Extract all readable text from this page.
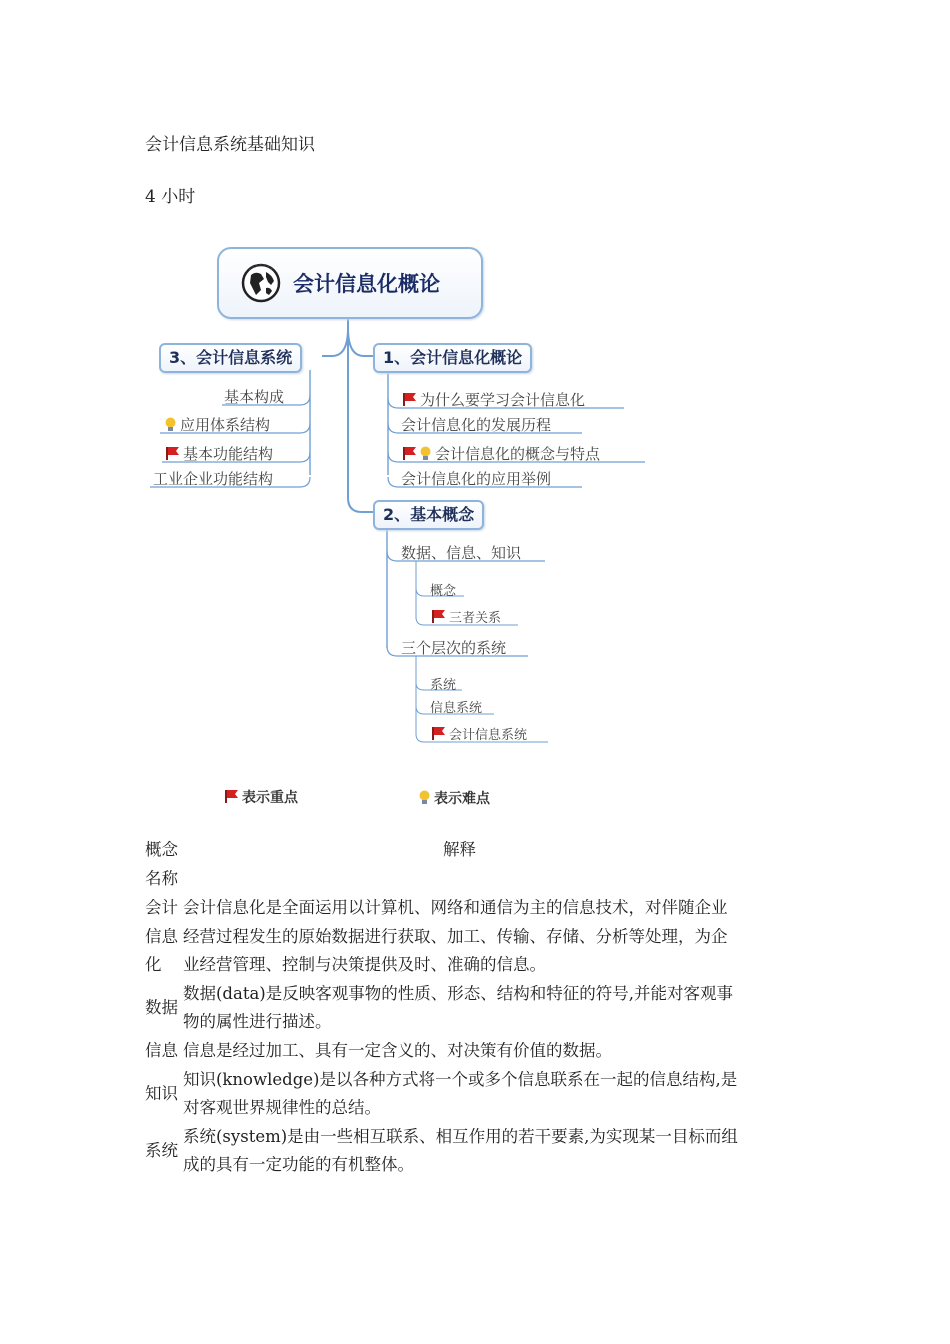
会计信息系统基础知识
4 小时
会计信息化概论
1、会计信息化概论
2、基本概念
3、会计信息系统
为什么要学习会计信息化
会计信息化的发展历程
会计信息化的概念与特点
会计信息化的应用举例
基本构成
应用体系结构
基本功能结构
工业企业功能结构
数据、信息、知识
概念
三者关系
三个层次的系统
系统
信息系统
会计信息系统
表示重点	表示难点
概念名称
解释
会计信息化
会计信息化是全面运用以计算机、网络和通信为主的信息技术，对伴随企业经营过程发生的原始数据进行获取、加工、传输、存储、分析等处理，为企业经营管理、控制与决策提供及时、准确的信息。
数据
数据(data)是反映客观事物的性质、形态、结构和特征的符号,并能对客观事物的属性进行描述。
信息 信息是经过加工、具有一定含义的、对决策有价值的数据。
知识
知识(knowledge)是以各种方式将一个或多个信息联系在一起的信息结构,是对客观世界规律性的总结。
系统
系统(system)是由一些相互联系、相互作用的若干要素,为实现某一目标而组成的具有一定功能的有机整体。
